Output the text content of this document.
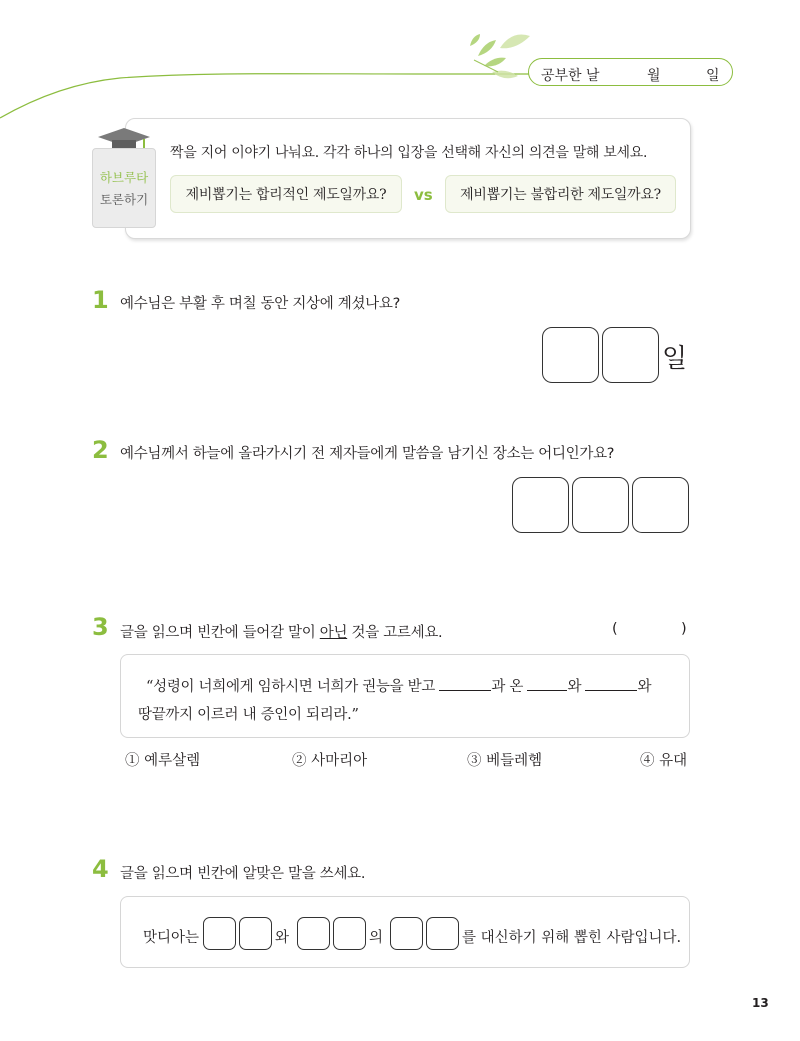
공부한 날	월	일
하브루타
토론하기
짝을 지어 이야기 나눠요. 각각 하나의 입장을 선택해 자신의 의견을 말해 보세요.
제비뽑기는 합리적인 제도일까요?	vs	제비뽑기는 불합리한 제도일까요?
1 예수님은 부활 후 며칠 동안 지상에 계셨나요?
일
2 예수님께서 하늘에 올라가시기 전 제자들에게 말씀을 남기신 장소는 어디인가요?
3 글을 읽으며 빈칸에 들어갈 말이 아닌 것을 고르세요.	(	)
“성령이 너희에게 임하시면 너희가 권능을 받고	과 온	와	와
땅끝까지 이르러 내 증인이 되리라.”
① 예루살렘	② 사마리아	③ 베들레헴	④ 유대
4 글을 읽으며 빈칸에 알맞은 말을 쓰세요.
맛디아는	와	의	를 대신하기 위해 뽑힌 사람입니다.
13
